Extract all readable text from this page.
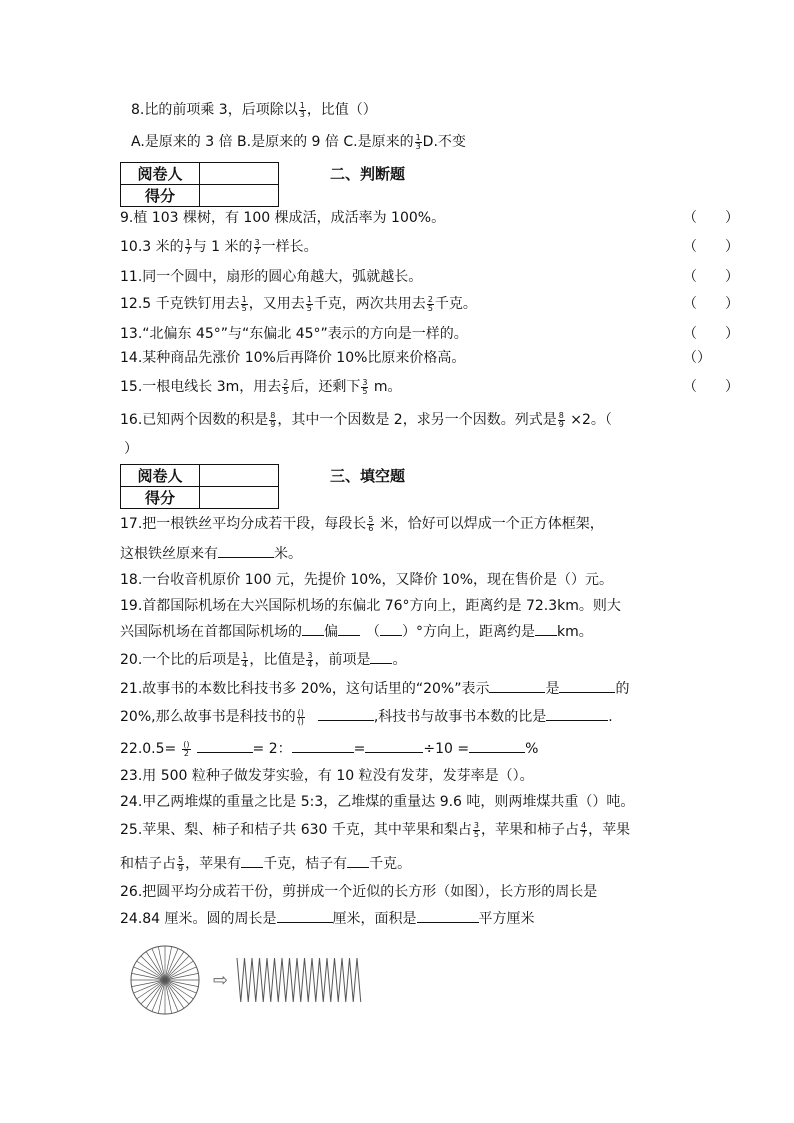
8.比的前项乘 3，后项除以 $\frac{1}{3}$ ，比值（）
A.是原来的 3 倍 B.是原来的 9 倍 C.是原来的 $\frac{1}{3} D$.不变
阅卷人	
得分	
二、判断题
9.植 103 棵树，有 100 棵成活，成活率为 100%。	（　　）
10.3 米的 $\frac{1}{7}$ 与 1 米的 $\frac{3}{7}$ 一样长。	（　　）
11.同一个圆中，扇形的圆心角越大，弧就越长。	（　　）
12.5 千克铁钉用去 $\frac{1}{5}$ ，又用去 $\frac{1}{5}$ 千克，两次共用去 $\frac{2}{5}$ 千克。	（　　）
13.“北偏东 45°”与“东偏北 45°”表示的方向是一样的。	（　　）
14.某种商品先涨价 10%后再降价 10%比原来价格高。	（）
15.一根电线长 3m，用去 $\frac{2}{5}$ 后，还剩下 $\frac{3}{5}$ m。	（　　）
16.已知两个因数的积是 $\frac{8}{9}$ ，其中一个因数是 2，求另一个因数。列式是 $\frac{8}{9} \times 2$。（
）
阅卷人	
得分	
三、填空题
17.把一根铁丝平均分成若干段，每段长 $\frac{5}{6}$ 米，恰好可以焊成一个正方体框架，
这根铁丝原来有	米。
18.一台收音机原价 100 元，先提价 10%，又降价 10%，现在售价是（）元。
19.首都国际机场在大兴国际机场的东偏北 76°方向上，距离约是 72.3km。则大
兴国际机场在首都国际机场的 偏 （ ）°方向上，距离约是 km。
20.一个比的后项是 $\frac{1}{4}$ ，比值是 $\frac{3}{4}$ ，前项是 。
21.故事书的本数比科技书多 20%，这句话里的“20%”表示	是	的
20%,那么故事书是科技书的 $\frac{()}{()}$	,科技书与故事书本数的比是	.
$22.0.5= \frac{()}{2}$	= 2：	=	÷10 =	%
23.用 500 粒种子做发芽实验，有 10 粒没有发芽，发芽率是（）。
24.甲乙两堆煤的重量之比是 5:3，乙堆煤的重量达 9.6 吨，则两堆煤共重（）吨。
25.苹果、梨、柿子和桔子共 630 千克，其中苹果和梨占 $\frac{3}{5}$ ，苹果和柿子占 $\frac{4}{7}$ ，苹果
和桔子占 $\frac{5}{9}$ ，苹果有 千克，桔子有 千克。
26.把圆平均分成若干份，剪拼成一个近似的长方形（如图），长方形的周长是
24.84 厘米。圆的周长是	厘米，面积是	平方厘米
⇨
